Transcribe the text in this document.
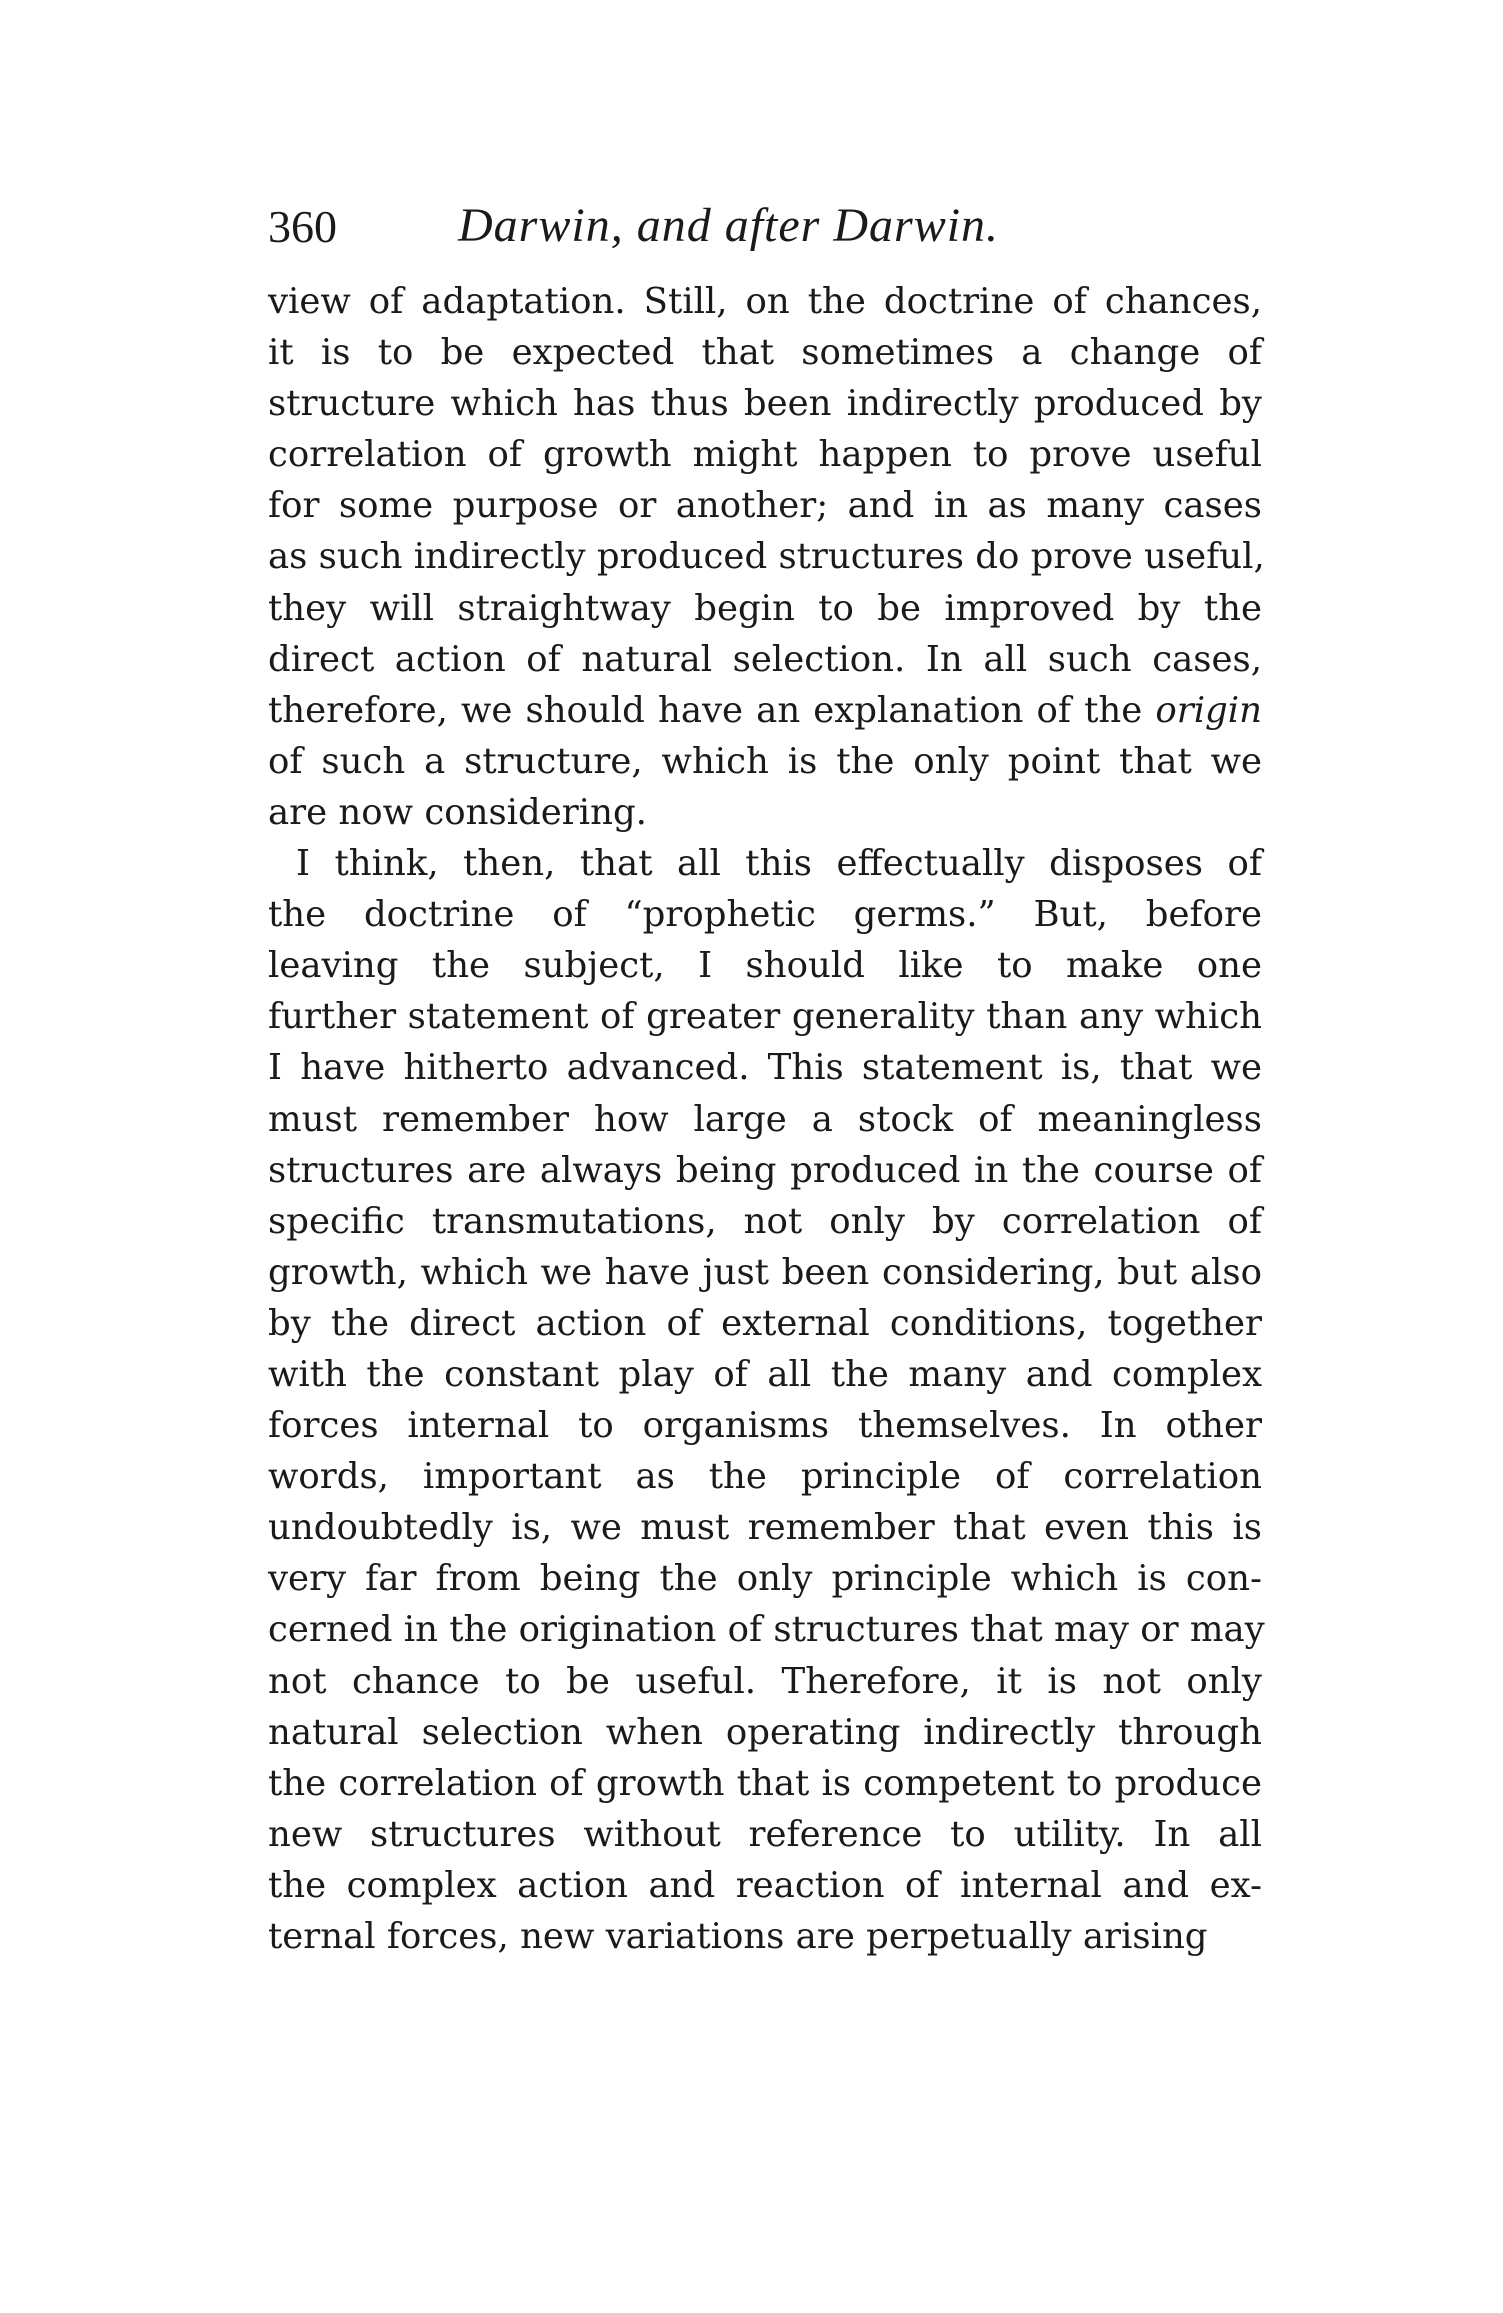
360	Darwin, and after Darwin.
view of adaptation. Still, on the doctrine of chances,
it is to be expected that sometimes a change of
structure which has thus been indirectly produced by
correlation of growth might happen to prove useful
for some purpose or another; and in as many cases
as such indirectly produced structures do prove useful,
they will straightway begin to be improved by the
direct action of natural selection. In all such cases,
therefore, we should have an explanation of the origin
of such a structure, which is the only point that we
are now considering.
I think, then, that all this effectually disposes of
the doctrine of “prophetic germs.” But, before
leaving the subject, I should like to make one
further statement of greater generality than any which
I have hitherto advanced. This statement is, that we
must remember how large a stock of meaningless
structures are always being produced in the course of
specific transmutations, not only by correlation of
growth, which we have just been considering, but also
by the direct action of external conditions, together
with the constant play of all the many and complex
forces internal to organisms themselves. In other
words, important as the principle of correlation
undoubtedly is, we must remember that even this is
very far from being the only principle which is con-
cerned in the origination of structures that may or may
not chance to be useful. Therefore, it is not only
natural selection when operating indirectly through
the correlation of growth that is competent to produce
new structures without reference to utility. In all
the complex action and reaction of internal and ex-
ternal forces, new variations are perpetually arising
